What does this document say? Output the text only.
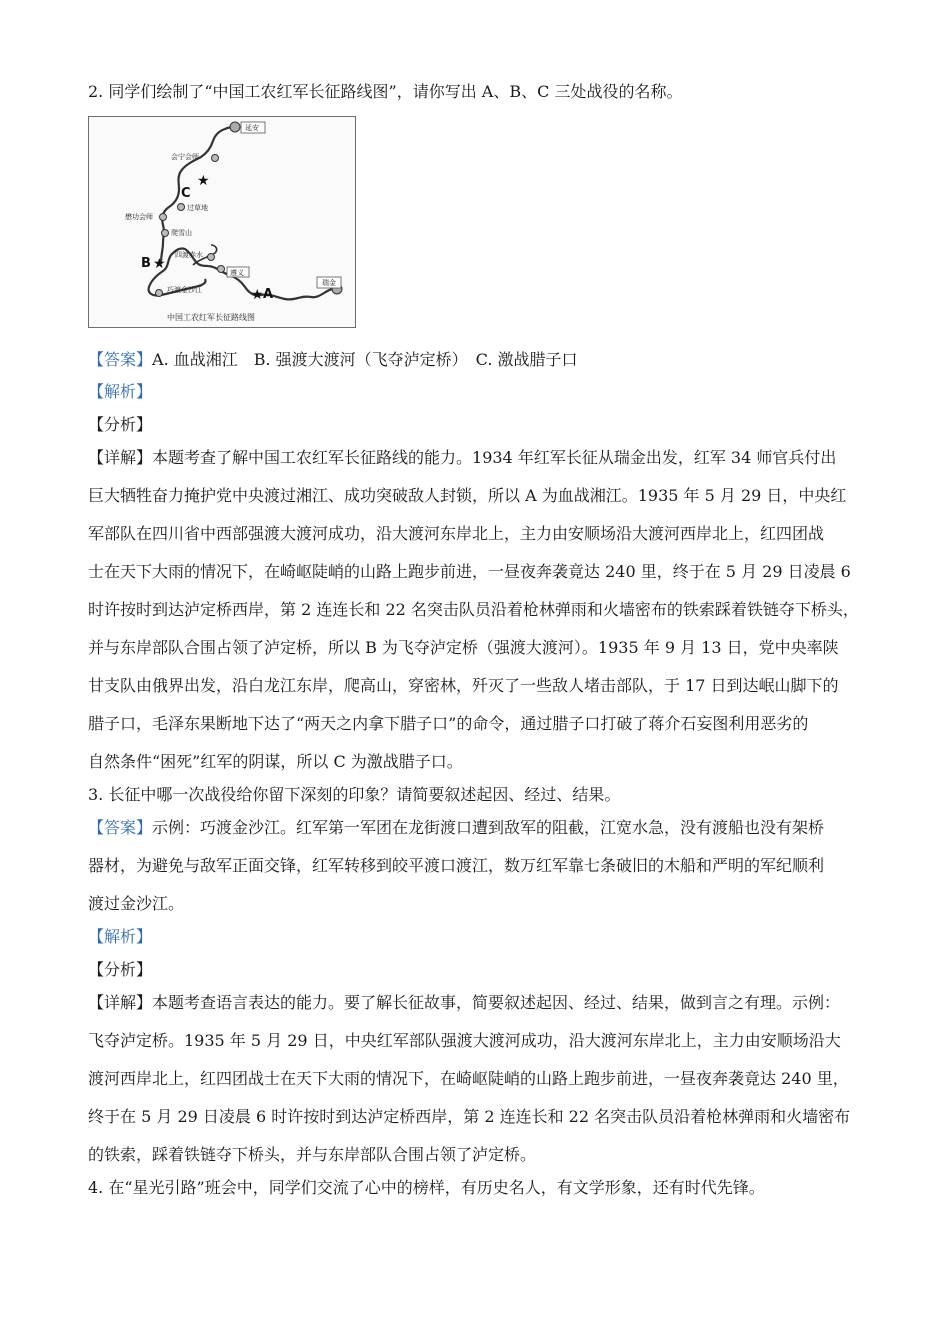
2. 同学们绘制了“中国工农红军长征路线图”，请你写出 A、B、C 三处战役的名称。
延安
会宁会师
过草地
懋功会师
爬雪山
四渡赤水
遵义
巧渡金沙江
瑞金
★
C
★
B
★ A
中国工农红军长征路线图
【答案】A. 血战湘江　B. 强渡大渡河（飞夺泸定桥）　C. 激战腊子口
【解析】
【分析】
【详解】本题考查了解中国工农红军长征路线的能力。1934 年红军长征从瑞金出发，红军 34 师官兵付出
巨大牺牲奋力掩护党中央渡过湘江、成功突破敌人封锁，所以 A 为血战湘江。1935 年 5 月 29 日，中央红
军部队在四川省中西部强渡大渡河成功，沿大渡河东岸北上，主力由安顺场沿大渡河西岸北上，红四团战
士在天下大雨的情况下，在崎岖陡峭的山路上跑步前进，一昼夜奔袭竟达 240 里，终于在 5 月 29 日凌晨 6
时许按时到达泸定桥西岸，第 2 连连长和 22 名突击队员沿着枪林弹雨和火墙密布的铁索踩着铁链夺下桥头，
并与东岸部队合围占领了泸定桥，所以 B 为飞夺泸定桥（强渡大渡河）。1935 年 9 月 13 日，党中央率陕
甘支队由俄界出发，沿白龙江东岸，爬高山，穿密林，歼灭了一些敌人堵击部队，于 17 日到达岷山脚下的
腊子口，毛泽东果断地下达了“两天之内拿下腊子口”的命令，通过腊子口打破了蒋介石妄图利用恶劣的
自然条件“困死”红军的阴谋，所以 C 为激战腊子口。
3. 长征中哪一次战役给你留下深刻的印象？请简要叙述起因、经过、结果。
【答案】示例：巧渡金沙江。红军第一军团在龙街渡口遭到敌军的阻截，江宽水急，没有渡船也没有架桥
器材，为避免与敌军正面交锋，红军转移到皎平渡口渡江，数万红军靠七条破旧的木船和严明的军纪顺利
渡过金沙江。
【解析】
【分析】
【详解】本题考查语言表达的能力。要了解长征故事，简要叙述起因、经过、结果，做到言之有理。示例：
飞夺泸定桥。1935 年 5 月 29 日，中央红军部队强渡大渡河成功，沿大渡河东岸北上，主力由安顺场沿大
渡河西岸北上，红四团战士在天下大雨的情况下，在崎岖陡峭的山路上跑步前进，一昼夜奔袭竟达 240 里，
终于在 5 月 29 日凌晨 6 时许按时到达泸定桥西岸，第 2 连连长和 22 名突击队员沿着枪林弹雨和火墙密布
的铁索，踩着铁链夺下桥头，并与东岸部队合围占领了泸定桥。
4. 在“星光引路”班会中，同学们交流了心中的榜样，有历史名人，有文学形象，还有时代先锋。
